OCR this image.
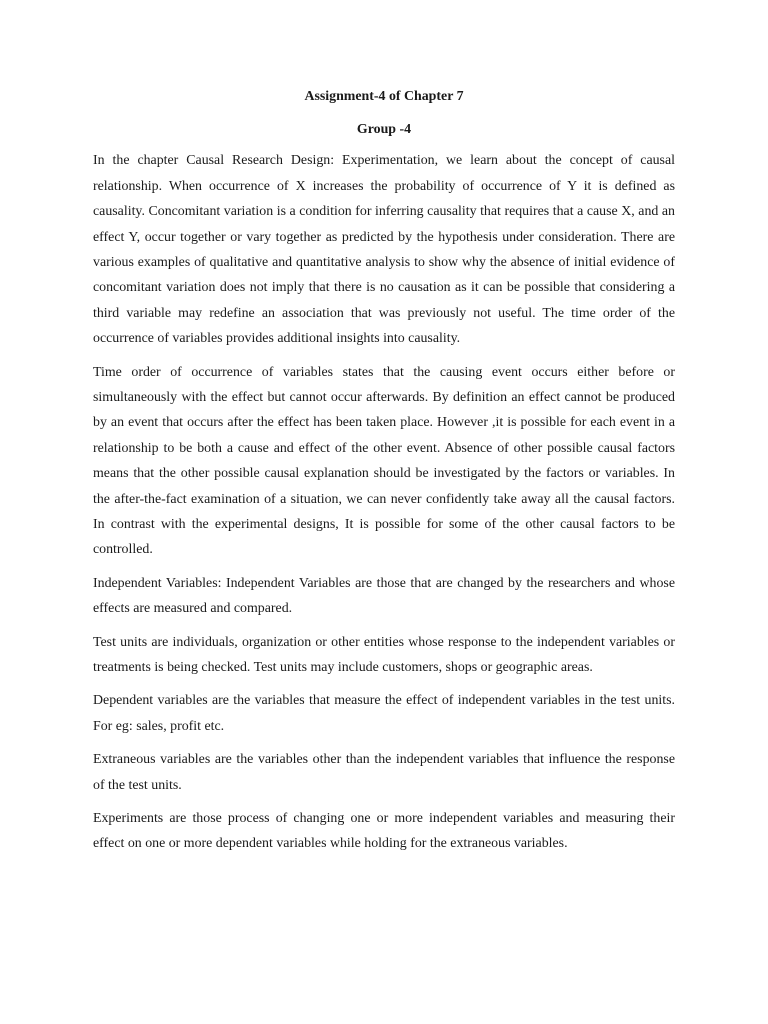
Assignment-4 of Chapter 7
Group -4

In the chapter Causal Research Design: Experimentation, we learn about the concept of causal relationship. When occurrence of X increases the probability of occurrence of Y it is defined as causality. Concomitant variation is a condition for inferring causality that requires that a cause X, and an effect Y, occur together or vary together as predicted by the hypothesis under consideration. There are various examples of qualitative and quantitative analysis to show why the absence of initial evidence of concomitant variation does not imply that there is no causation as it can be possible that considering a third variable may redefine an association that was previously not useful. The time order of the occurrence of variables provides additional insights into causality.

Time order of occurrence of variables states that the causing event occurs either before or simultaneously with the effect but cannot occur afterwards. By definition an effect cannot be produced by an event that occurs after the effect has been taken place. However ,it is possible for each event in a relationship to be both a cause and effect of the other event. Absence of other possible causal factors means that the other possible causal explanation should be investigated by the factors or variables. In the after-the-fact examination of a situation, we can never confidently take away all the causal factors. In contrast with the experimental designs, It is possible for some of the other causal factors to be controlled.

Independent Variables: Independent Variables are those that are changed by the researchers and whose effects are measured and compared.

Test units are individuals, organization or other entities whose response to the independent variables or treatments is being checked. Test units may include customers, shops or geographic areas.

Dependent variables are the variables that measure the effect of independent variables in the test units. For eg: sales, profit etc.

Extraneous variables are the variables other than the independent variables that influence the response of the test units.

Experiments are those process of changing one or more independent variables and measuring their effect on one or more dependent variables while holding for the extraneous variables.
